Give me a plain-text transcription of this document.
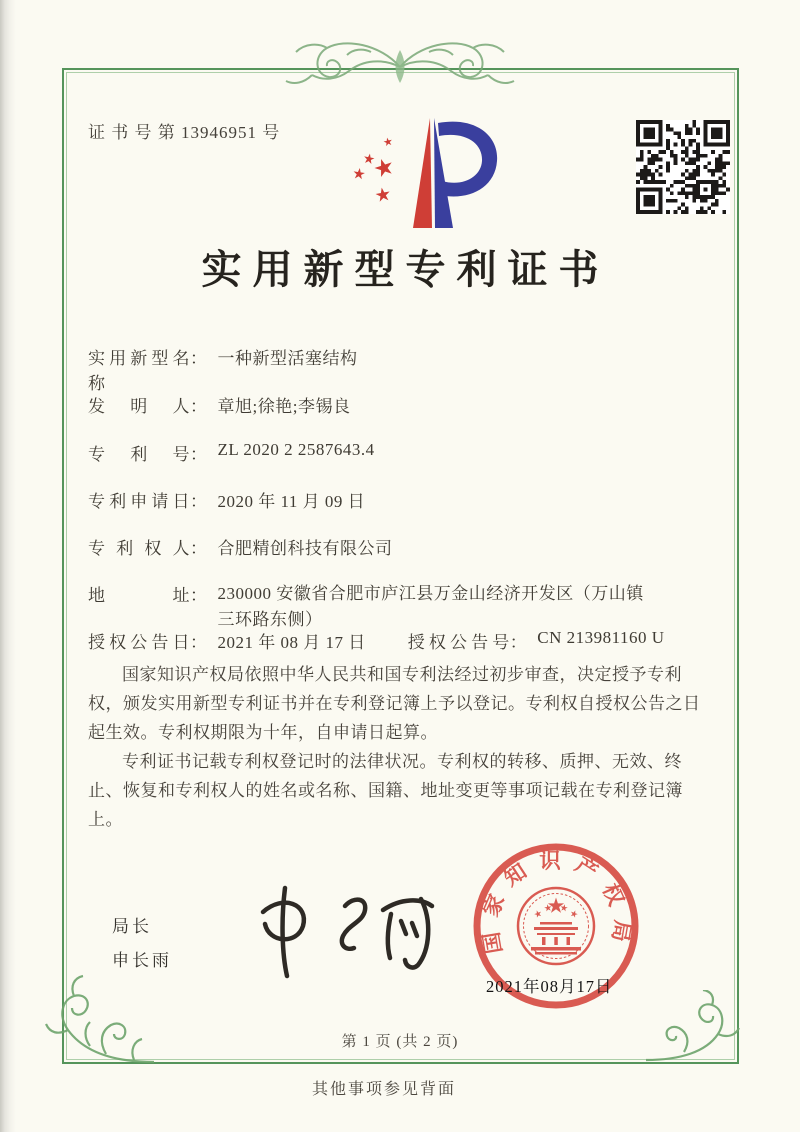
证 书 号 第 13946951 号
实用新型专利证书
实用新型名称
： 一种新型活塞结构
发明人 ： 章旭;徐艳;李锡良
专利号 ： ZL 2020 2 2587643.4
专利申请日 ： 2020 年 11 月 09 日
专利权人 ： 合肥精创科技有限公司
地址 ： 230000 安徽省合肥市庐江县万金山经济开发区（万山镇三环路东侧）
授权公告日 ： 2021 年 08 月 17 日 授权公告号 ： CN 213981160 U

国家知识产权局依照中华人民共和国专利法经过初步审查，决定授予专利权，颁发实用新型专利证书并在专利登记簿上予以登记。专利权自授权公告之日起生效。专利权期限为十年，自申请日起算。

专利证书记载专利权登记时的法律状况。专利权的转移、质押、无效、终止、恢复和专利权人的姓名或名称、国籍、地址变更等事项记载在专利登记簿上。

局长
申长雨
国家知识产权局
2021年08月17日
第 1 页 (共 2 页)
其他事项参见背面
